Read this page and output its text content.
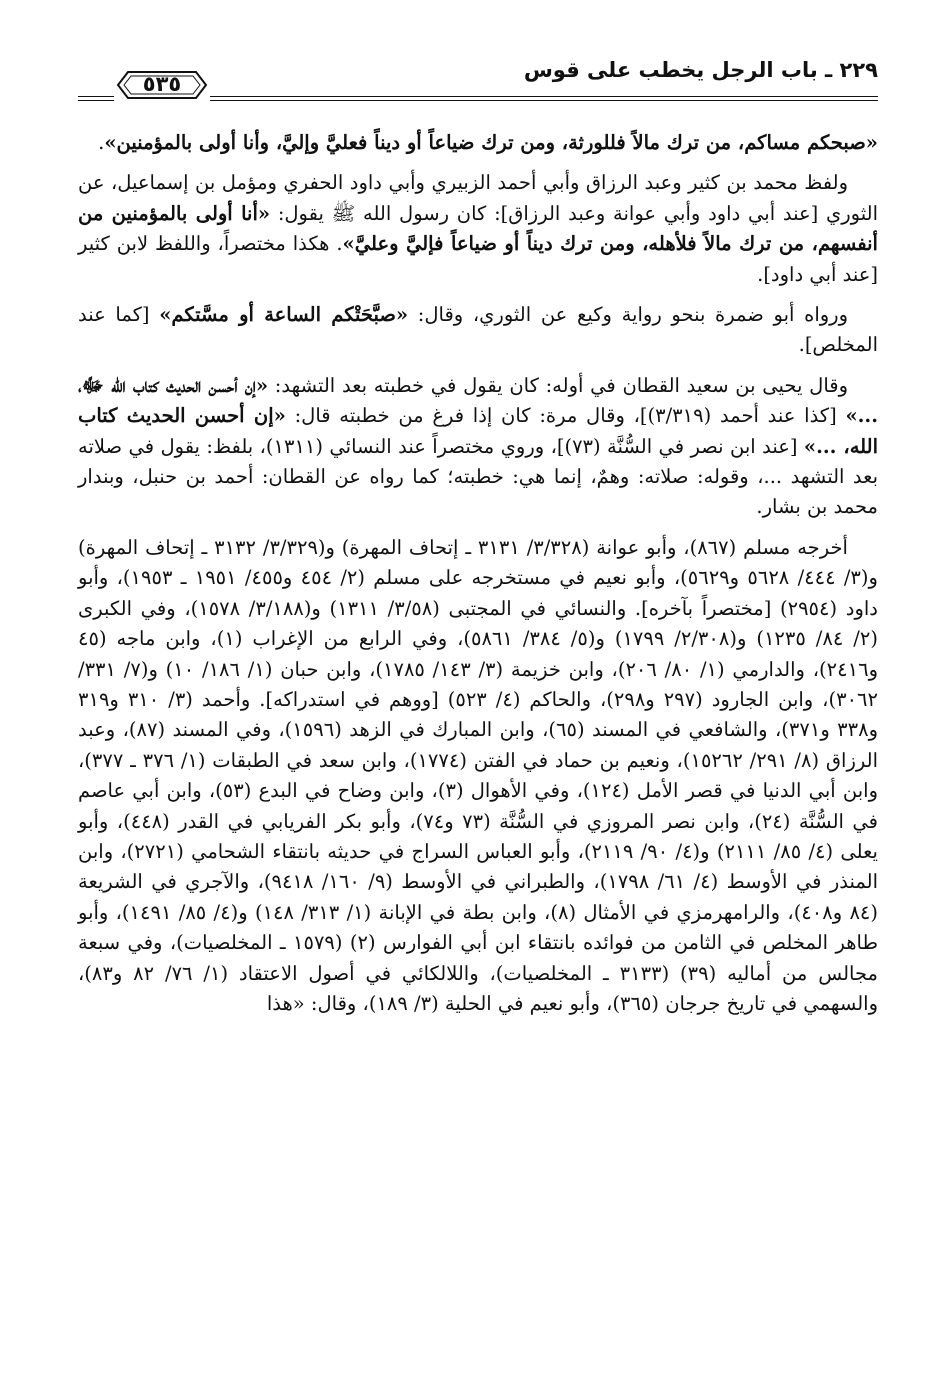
٢٢٩ ـ باب الرجل يخطب على قوس
٥٣٥

«صبحكم مساكم، من ترك مالاً فللورثة، ومن ترك ضياعاً أو ديناً فعليَّ وإليَّ، وأنا أولى بالمؤمنين».

ولفظ محمد بن كثير وعبد الرزاق وأبي أحمد الزبيري وأبي داود الحفري ومؤمل بن إسماعيل، عن الثوري [عند أبي داود وأبي عوانة وعبد الرزاق]: كان رسول الله ﷺ يقول: «أنا أولى بالمؤمنين من أنفسهم، من ترك مالاً فلأهله، ومن ترك ديناً أو ضياعاً فإليَّ وعليَّ». هكذا مختصراً، واللفظ لابن كثير [عند أبي داود].

ورواه أبو ضمرة بنحو رواية وكيع عن الثوري، وقال: «صبَّحَتْكم الساعة أو مسَّتكم» [كما عند المخلص].

وقال يحيى بن سعيد القطان في أوله: كان يقول في خطبته بعد التشهد: «إن أحسن الحديث كتاب الله ﷻ، ...» [كذا عند أحمد (٣/٣١٩)]، وقال مرة: كان إذا فرغ من خطبته قال: «إن أحسن الحديث كتاب الله، ...» [عند ابن نصر في السُّنَّة (٧٣)]، وروي مختصراً عند النسائي (١٣١١)، بلفظ: يقول في صلاته بعد التشهد ...، وقوله: صلاته: وهمٌ، إنما هي: خطبته؛ كما رواه عن القطان: أحمد بن حنبل، وبندار محمد بن بشار.

أخرجه مسلم (٨٦٧)، وأبو عوانة (٣/٣٢٨/ ٣١٣١ ـ إتحاف المهرة) و(٣/٣٢٩/ ٣١٣٢ ـ إتحاف المهرة) و(٣/ ٤٤٤/ ٥٦٢٨ و٥٦٢٩)، وأبو نعيم في مستخرجه على مسلم (٢/ ٤٥٤ و٤٥٥/ ١٩٥١ ـ ١٩٥٣)، وأبو داود (٢٩٥٤) [مختصراً بآخره]. والنسائي في المجتبى (٣/٥٨/ ١٣١١) و(٣/١٨٨/ ١٥٧٨)، وفي الكبرى (٢/ ٨٤/ ١٢٣٥) و(٢/٣٠٨/ ١٧٩٩) و(٥/ ٣٨٤/ ٥٨٦١)، وفي الرابع من الإغراب (١)، وابن ماجه (٤٥ و٢٤١٦)، والدارمي (١/ ٨٠/ ٢٠٦)، وابن خزيمة (٣/ ١٤٣/ ١٧٨٥)، وابن حبان (١/ ١٨٦/ ١٠) و(٧/ ٣٣١/ ٣٠٦٢)، وابن الجارود (٢٩٧ و٢٩٨)، والحاكم (٤/ ٥٢٣) [ووهم في استدراكه]. وأحمد (٣/ ٣١٠ و٣١٩ و٣٣٨ و٣٧١)، والشافعي في المسند (٦٥)، وابن المبارك في الزهد (١٥٩٦)، وفي المسند (٨٧)، وعبد الرزاق (٨/ ٢٩١/ ١٥٢٦٢)، ونعيم بن حماد في الفتن (١٧٧٤)، وابن سعد في الطبقات (١/ ٣٧٦ ـ ٣٧٧)، وابن أبي الدنيا في قصر الأمل (١٢٤)، وفي الأهوال (٣)، وابن وضاح في البدع (٥٣)، وابن أبي عاصم في السُّنَّة (٢٤)، وابن نصر المروزي في السُّنَّة (٧٣ و٧٤)، وأبو بكر الفريابي في القدر (٤٤٨)، وأبو يعلى (٤/ ٨٥/ ٢١١١) و(٤/ ٩٠/ ٢١١٩)، وأبو العباس السراج في حديثه بانتقاء الشحامي (٢٧٢١)، وابن المنذر في الأوسط (٤/ ٦١/ ١٧٩٨)، والطبراني في الأوسط (٩/ ١٦٠/ ٩٤١٨)، والآجري في الشريعة (٨٤ و٤٠٨)، والرامهرمزي في الأمثال (٨)، وابن بطة في الإبانة (١/ ٣١٣/ ١٤٨) و(٤/ ٨٥/ ١٤٩١)، وأبو طاهر المخلص في الثامن من فوائده بانتقاء ابن أبي الفوارس (٢) (١٥٧٩ ـ المخلصيات)، وفي سبعة مجالس من أماليه (٣٩) (٣١٣٣ ـ المخلصيات)، واللالكائي في أصول الاعتقاد (١/ ٧٦/ ٨٢ و٨٣)، والسهمي في تاريخ جرجان (٣٦٥)، وأبو نعيم في الحلية (٣/ ١٨٩)، وقال: «هذا
